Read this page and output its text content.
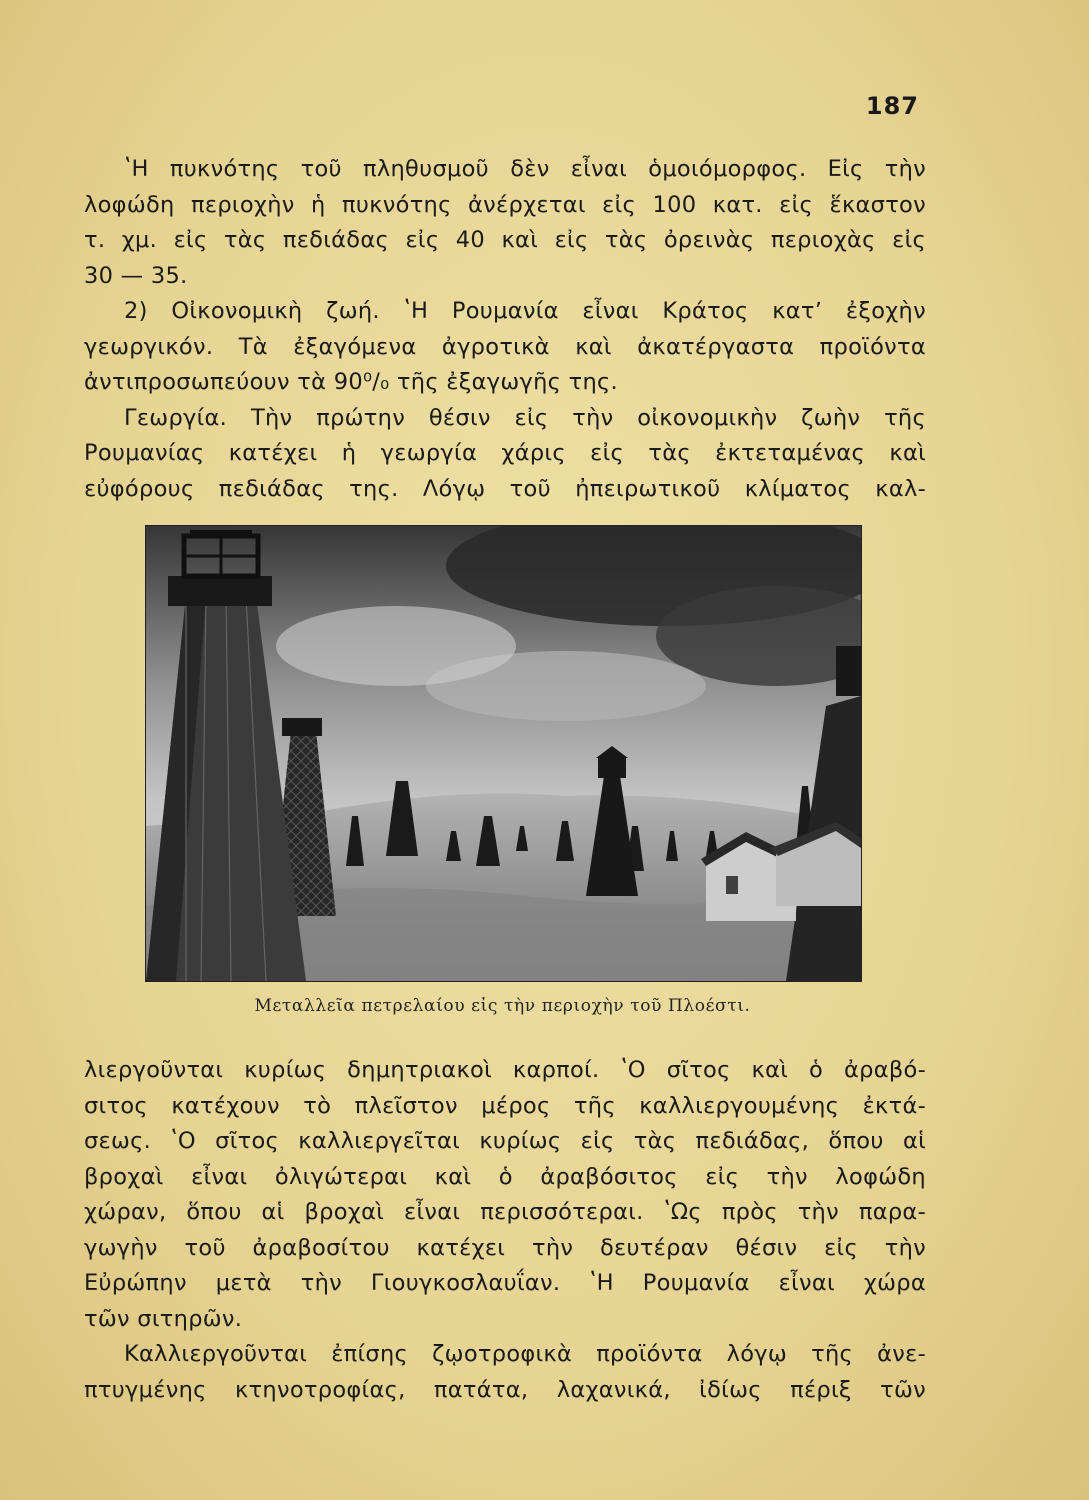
187
ʽΗ πυκνότης τοῦ πληθυσμοῦ δὲν εἶναι ὁμοιόμορφος. Εἰς τὴν
λοφώδη περιοχὴν ἡ πυκνότης ἀνέρχεται εἰς 100 κατ. εἰς ἕκαστον
τ. χμ. εἰς τὰς πεδιάδας εἰς 40 καὶ εἰς τὰς ὀρεινὰς περιοχὰς εἰς
30 — 35.
2) Οἰκονομικὴ ζωή. ʽΗ Ρουμανία εἶναι Κράτος κατʼ ἐξοχὴν
γεωργικόν. Τὰ ἐξαγόμενα ἀγροτικὰ καὶ ἀκατέργαστα προϊόντα
ἀντιπροσωπεύουν τὰ 90⁰/₀ τῆς ἐξαγωγῆς της.
Γεωργία. Τὴν πρώτην θέσιν εἰς τὴν οἰκονομικὴν ζωὴν τῆς
Ρουμανίας κατέχει ἡ γεωργία χάρις εἰς τὰς ἐκτεταμένας καὶ
εὐφόρους πεδιάδας της. Λόγῳ τοῦ ἠπειρωτικοῦ κλίματος καλ-
Μεταλλεῖα πετρελαίου εἰς τὴν περιοχὴν τοῦ Πλοέστι.
λιεργοῦνται κυρίως δημητριακοὶ καρποί. ʽΟ σῖτος καὶ ὁ ἀραβό-
σιτος κατέχουν τὸ πλεῖστον μέρος τῆς καλλιεργουμένης ἐκτά-
σεως. ʽΟ σῖτος καλλιεργεῖται κυρίως εἰς τὰς πεδιάδας, ὅπου αἱ
βροχαὶ εἶναι ὀλιγώτεραι καὶ ὁ ἀραβόσιτος εἰς τὴν λοφώδη
χώραν, ὅπου αἱ βροχαὶ εἶναι περισσότεραι. ʽΩς πρὸς τὴν παρα-
γωγὴν τοῦ ἀραβοσίτου κατέχει τὴν δευτέραν θέσιν εἰς τὴν
Εὐρώπην μετὰ τὴν Γιουγκοσλαυΐαν. ʽΗ Ρουμανία εἶναι χώρα
τῶν σιτηρῶν.
Καλλιεργοῦνται ἐπίσης ζῳοτροφικὰ προϊόντα λόγῳ τῆς ἀνε-
πτυγμένης κτηνοτροφίας, πατάτα, λαχανικά, ἰδίως πέριξ τῶν
